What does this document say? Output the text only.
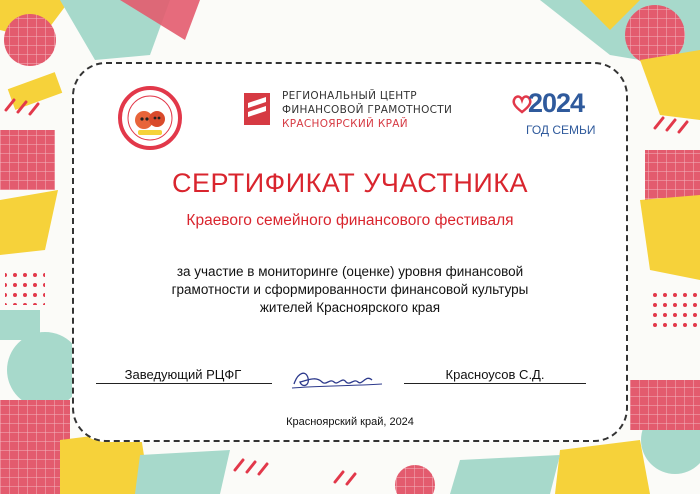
РЕГИОНАЛЬНЫЙ ЦЕНТР
ФИНАНСОВОЙ ГРАМОТНОСТИ
КРАСНОЯРСКИЙ КРАЙ
2024
ГОД СЕМЬИ
СЕРТИФИКАТ УЧАСТНИКА
Краевого семейного финансового фестиваля
за участие в мониторинге (оценке) уровня финансовой
грамотности и сформированности финансовой культуры
жителей Красноярского края
Заведующий РЦФГ	Красноусов С.Д.
Красноярский край, 2024
